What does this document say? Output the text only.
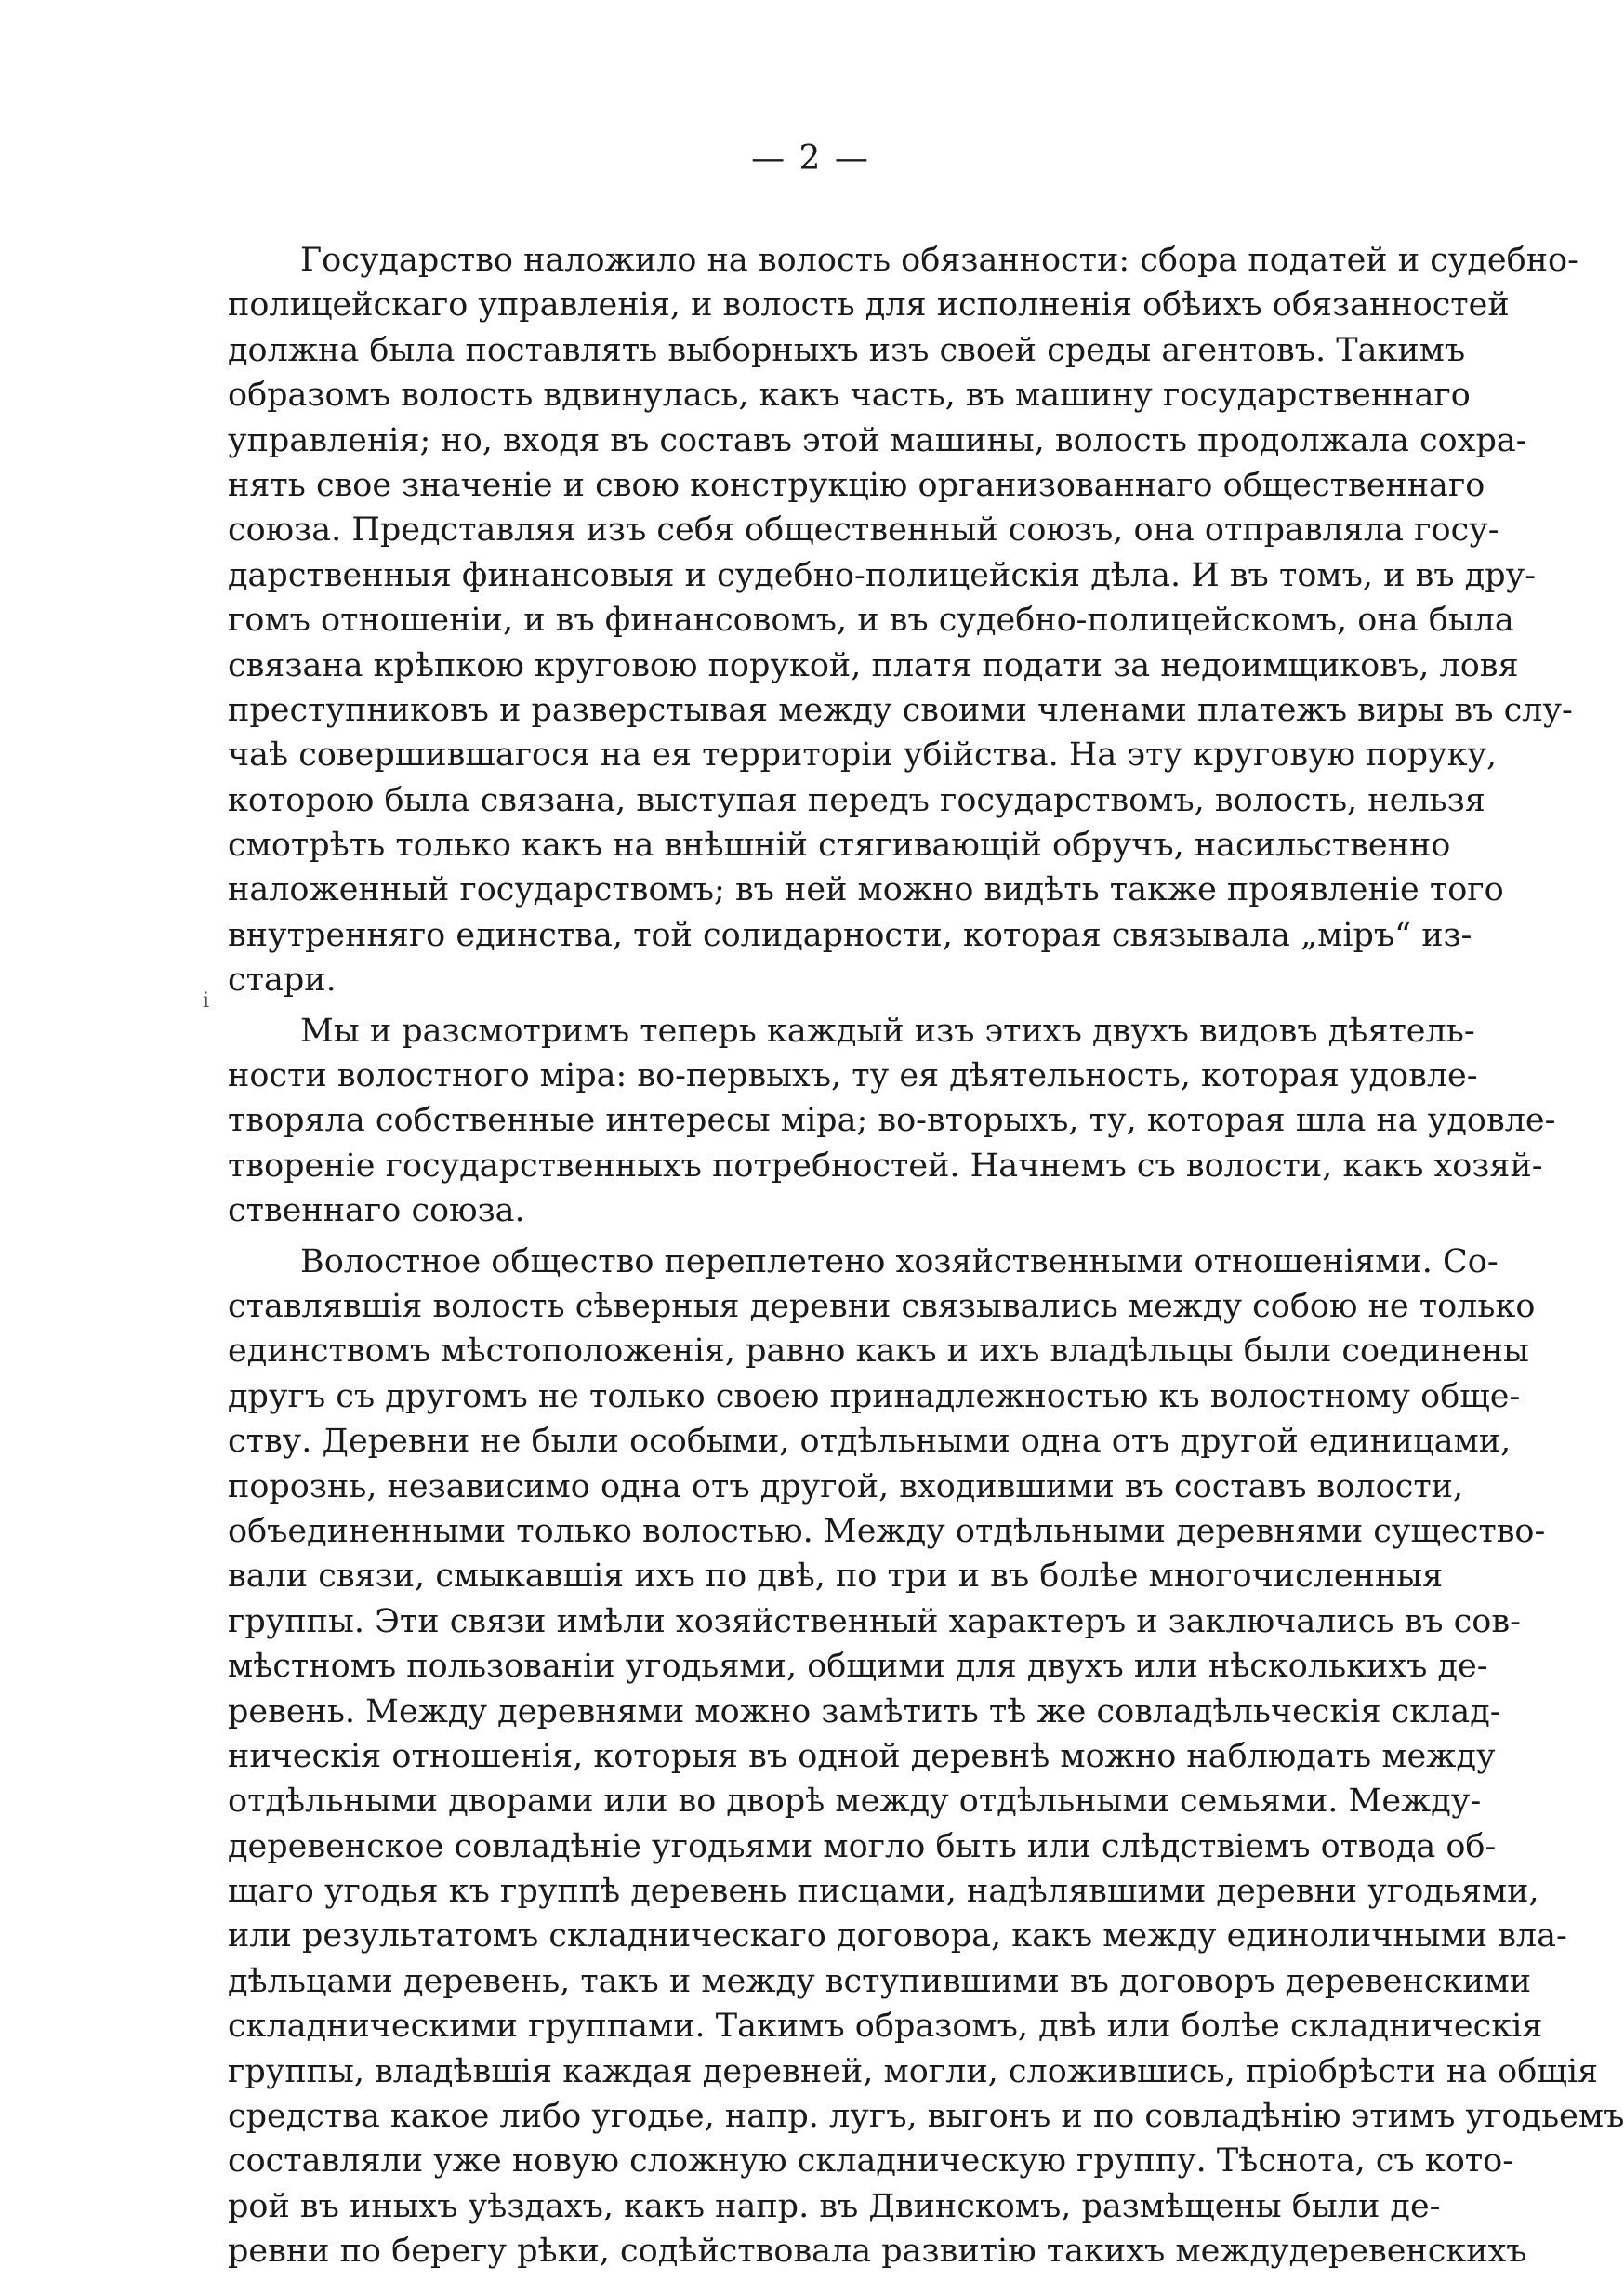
— 2 —
і
Государство наложило на волость обязанности: сбора податей и судебно-
полицейскаго управленія, и волость для исполненія обѣихъ обязанностей
должна была поставлять выборныхъ изъ своей среды агентовъ. Такимъ
образомъ волость вдвинулась, какъ часть, въ машину государственнаго
управленія; но, входя въ составъ этой машины, волость продолжала сохра-
нять свое значеніе и свою конструкцію организованнаго общественнаго
союза. Представляя изъ себя общественный союзъ, она отправляла госу-
дарственныя финансовыя и судебно-полицейскія дѣла. И въ томъ, и въ дру-
гомъ отношеніи, и въ финансовомъ, и въ судебно-полицейскомъ, она была
связана крѣпкою круговою порукой, платя подати за недоимщиковъ, ловя
преступниковъ и разверстывая между своими членами платежъ виры въ слу-
чаѣ совершившагося на ея территоріи убійства. На эту круговую поруку,
которою была связана, выступая передъ государствомъ, волость, нельзя
смотрѣть только какъ на внѣшній стягивающій обручъ, насильственно
наложенный государствомъ; въ ней можно видѣть также проявленіе того
внутренняго единства, той солидарности, которая связывала „міръ“ из-
стари.
Мы и разсмотримъ теперь каждый изъ этихъ двухъ видовъ дѣятель-
ности волостного міра: во-первыхъ, ту ея дѣятельность, которая удовле-
творяла собственные интересы міра; во-вторыхъ, ту, которая шла на удовле-
твореніе государственныхъ потребностей. Начнемъ съ волости, какъ хозяй-
ственнаго союза.
Волостное общество переплетено хозяйственными отношеніями. Со-
ставлявшія волость сѣверныя деревни связывались между собою не только
единствомъ мѣстоположенія, равно какъ и ихъ владѣльцы были соединены
другъ съ другомъ не только своею принадлежностью къ волостному обще-
ству. Деревни не были особыми, отдѣльными одна отъ другой единицами,
порознь, независимо одна отъ другой, входившими въ составъ волости,
объединенными только волостью. Между отдѣльными деревнями существо-
вали связи, смыкавшія ихъ по двѣ, по три и въ болѣе многочисленныя
группы. Эти связи имѣли хозяйственный характеръ и заключались въ сов-
мѣстномъ пользованіи угодьями, общими для двухъ или нѣсколькихъ де-
ревень. Между деревнями можно замѣтить тѣ же совладѣльческія склад-
ническія отношенія, которыя въ одной деревнѣ можно наблюдать между
отдѣльными дворами или во дворѣ между отдѣльными семьями. Между-
деревенское совладѣніе угодьями могло быть или слѣдствіемъ отвода об-
щаго угодья къ группѣ деревень писцами, надѣлявшими деревни угодьями,
или результатомъ складническаго договора, какъ между единоличными вла-
дѣльцами деревень, такъ и между вступившими въ договоръ деревенскими
складническими группами. Такимъ образомъ, двѣ или болѣе складническія
группы, владѣвшія каждая деревней, могли, сложившись, пріобрѣсти на общія
средства какое либо угодье, напр. лугъ, выгонъ и по совладѣнію этимъ угодьемъ
составляли уже новую сложную складническую группу. Тѣснота, съ кото-
рой въ иныхъ уѣздахъ, какъ напр. въ Двинскомъ, размѣщены были де-
ревни по берегу рѣки, содѣйствовала развитію такихъ междудеревенскихъ
